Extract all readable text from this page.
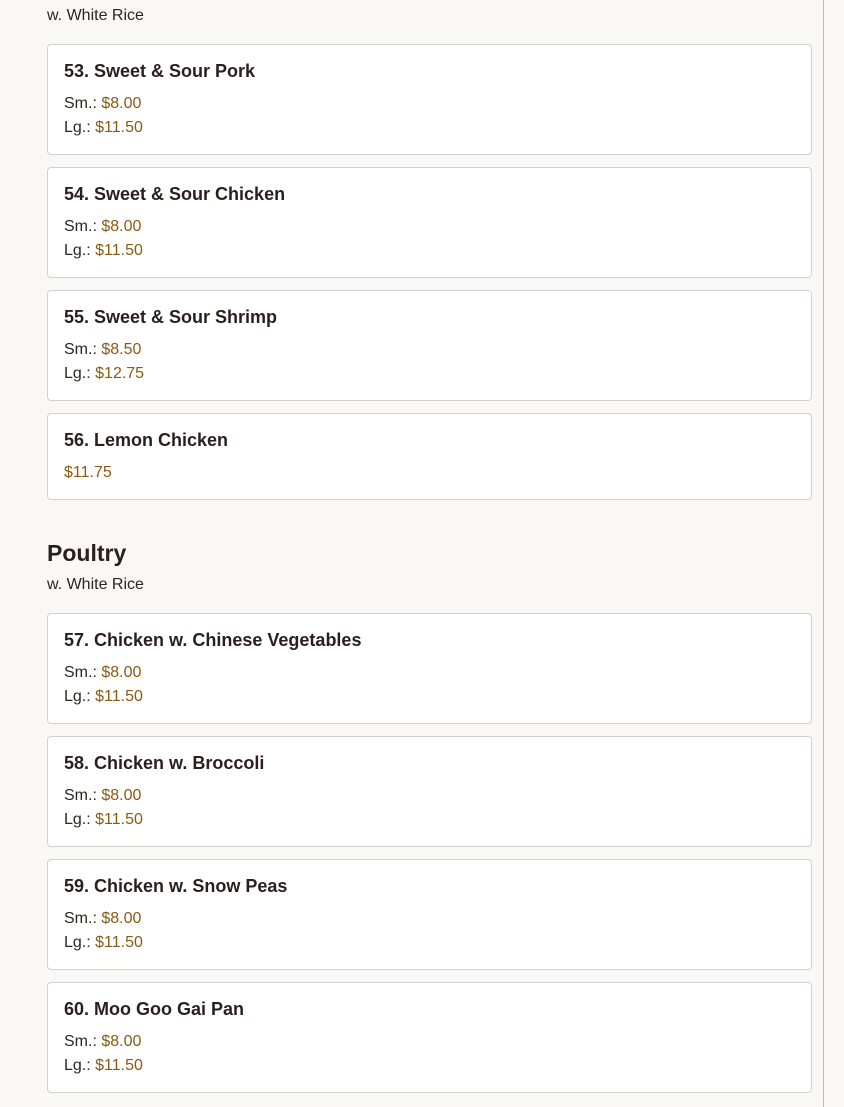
w. White Rice

53. Sweet & Sour Pork
Sm.: $8.00
Lg.: $11.50
54. Sweet & Sour Chicken
Sm.: $8.00
Lg.: $11.50
55. Sweet & Sour Shrimp
Sm.: $8.50
Lg.: $12.75
56. Lemon Chicken
$11.75
Poultry

w. White Rice

57. Chicken w. Chinese Vegetables
Sm.: $8.00
Lg.: $11.50
58. Chicken w. Broccoli
Sm.: $8.00
Lg.: $11.50
59. Chicken w. Snow Peas
Sm.: $8.00
Lg.: $11.50
60. Moo Goo Gai Pan
Sm.: $8.00
Lg.: $11.50
